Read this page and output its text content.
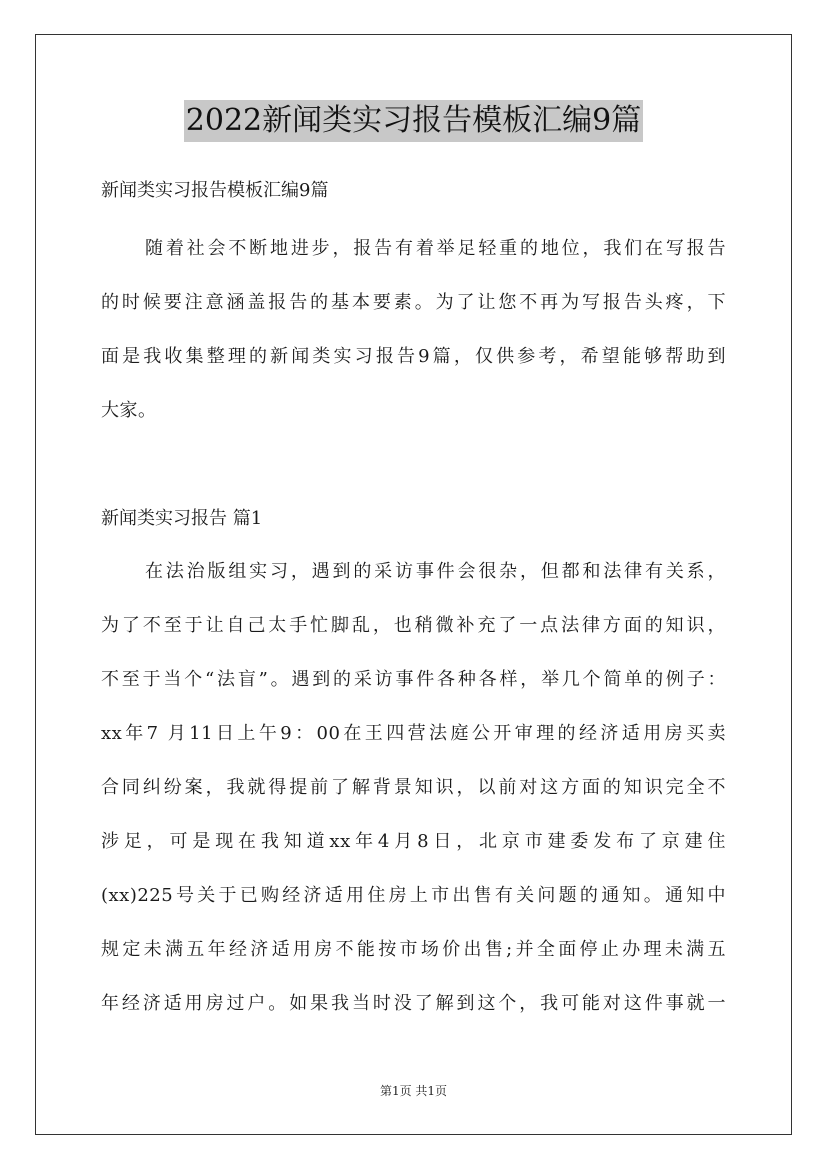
2022新闻类实习报告模板汇编9篇
新闻类实习报告模板汇编9篇
随着社会不断地进步，报告有着举足轻重的地位，我们在写报告
的时候要注意涵盖报告的基本要素。为了让您不再为写报告头疼，下
面是我收集整理的新闻类实习报告9篇，仅供参考，希望能够帮助到
大家。
新闻类实习报告 篇1
在法治版组实习，遇到的采访事件会很杂，但都和法律有关系，
为了不至于让自己太手忙脚乱，也稍微补充了一点法律方面的知识，
不至于当个“法盲”。遇到的采访事件各种各样，举几个简单的例子：
xx年7 月11日上午9：00在王四营法庭公开审理的经济适用房买卖
合同纠纷案，我就得提前了解背景知识，以前对这方面的知识完全不
涉足，可是现在我知道xx年4月8日，北京市建委发布了京建住
(xx)225号关于已购经济适用住房上市出售有关问题的通知。通知中
规定未满五年经济适用房不能按市场价出售;并全面停止办理未满五
年经济适用房过户。如果我当时没了解到这个，我可能对这件事就一
第1页 共1页
